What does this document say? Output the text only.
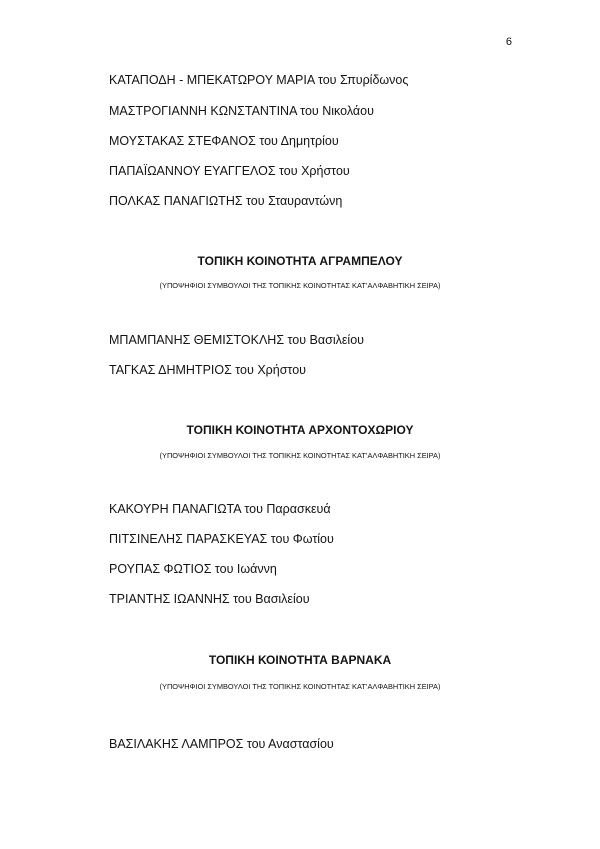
6
ΚΑΤΑΠΟΔΗ - ΜΠΕΚΑΤΩΡΟΥ ΜΑΡΙΑ του Σπυρίδωνος
ΜΑΣΤΡΟΓΙΑΝΝΗ ΚΩΝΣΤΑΝΤΙΝΑ του Νικολάου
ΜΟΥΣΤΑΚΑΣ ΣΤΕΦΑΝΟΣ του Δημητρίου
ΠΑΠΑΪΩΑΝΝΟΥ ΕΥΑΓΓΕΛΟΣ του Χρήστου
ΠΟΛΚΑΣ ΠΑΝΑΓΙΩΤΗΣ του Σταυραντώνη
ΤΟΠΙΚΗ ΚΟΙΝΟΤΗΤΑ ΑΓΡΑΜΠΕΛΟΥ
(ΥΠΟΨΗΦΙΟΙ ΣΥΜΒΟΥΛΟΙ ΤΗΣ ΤΟΠΙΚΗΣ ΚΟΙΝΟΤΗΤΑΣ ΚΑΤ’ΑΛΦΑΒΗΤΙΚΗ ΣΕΙΡΑ)
ΜΠΑΜΠΑΝΗΣ ΘΕΜΙΣΤΟΚΛΗΣ του Βασιλείου
ΤΑΓΚΑΣ ΔΗΜΗΤΡΙΟΣ του Χρήστου
ΤΟΠΙΚΗ ΚΟΙΝΟΤΗΤΑ ΑΡΧΟΝΤΟΧΩΡΙΟΥ
(ΥΠΟΨΗΦΙΟΙ ΣΥΜΒΟΥΛΟΙ ΤΗΣ ΤΟΠΙΚΗΣ ΚΟΙΝΟΤΗΤΑΣ ΚΑΤ’ΑΛΦΑΒΗΤΙΚΗ ΣΕΙΡΑ)
ΚΑΚΟΥΡΗ ΠΑΝΑΓΙΩΤΑ του Παρασκευά
ΠΙΤΣΙΝΕΛΗΣ ΠΑΡΑΣΚΕΥΑΣ του Φωτίου
ΡΟΥΠΑΣ ΦΩΤΙΟΣ του Ιωάννη
ΤΡΙΑΝΤΗΣ ΙΩΑΝΝΗΣ του Βασιλείου
ΤΟΠΙΚΗ ΚΟΙΝΟΤΗΤΑ ΒΑΡΝΑΚΑ
(ΥΠΟΨΗΦΙΟΙ ΣΥΜΒΟΥΛΟΙ ΤΗΣ ΤΟΠΙΚΗΣ ΚΟΙΝΟΤΗΤΑΣ ΚΑΤ’ΑΛΦΑΒΗΤΙΚΗ ΣΕΙΡΑ)
ΒΑΣΙΛΑΚΗΣ ΛΑΜΠΡΟΣ του Αναστασίου
